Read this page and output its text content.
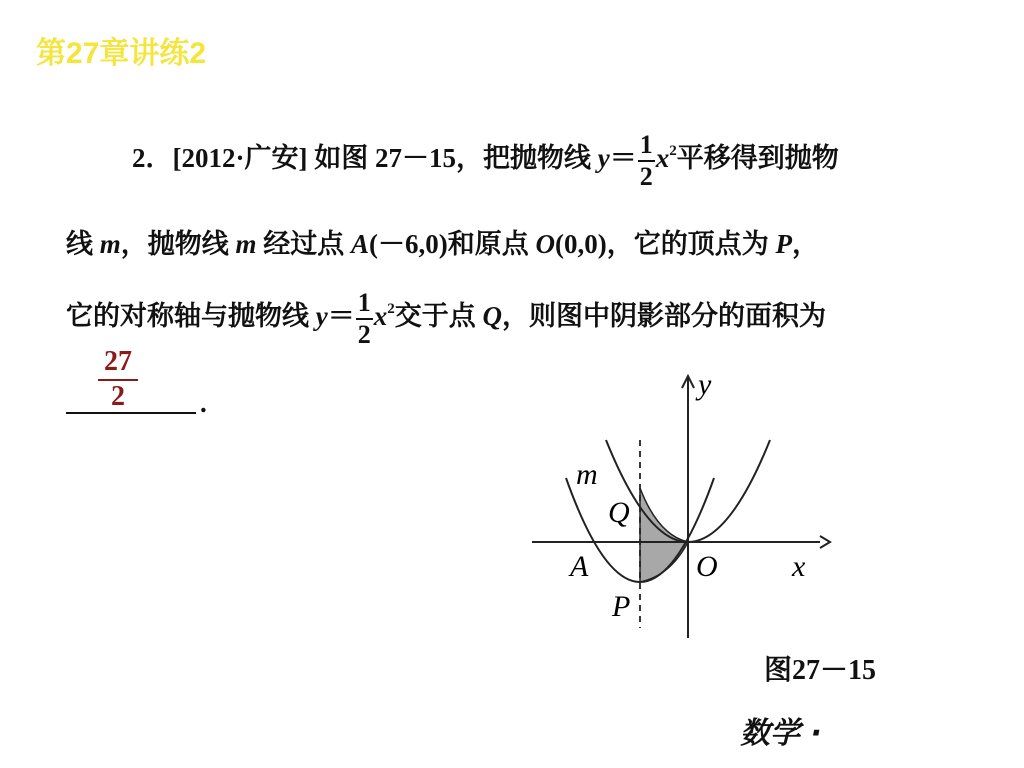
第27章讲练2
2．[2012·广安] 如图 27－15，把抛物线 $y= \frac{1}{2} x^2$平移得到抛物
线 m，抛物线 m 经过点 A(－6,0)和原点 O(0,0)，它的顶点为 P，
它的对称轴与抛物线 $y= \frac{1}{2} x^2$交于点 Q，则图中阴影部分的面积为
$\frac{27}{2}$ .
y
x
m
Q
A	O
P
图27－15
数学 ·
